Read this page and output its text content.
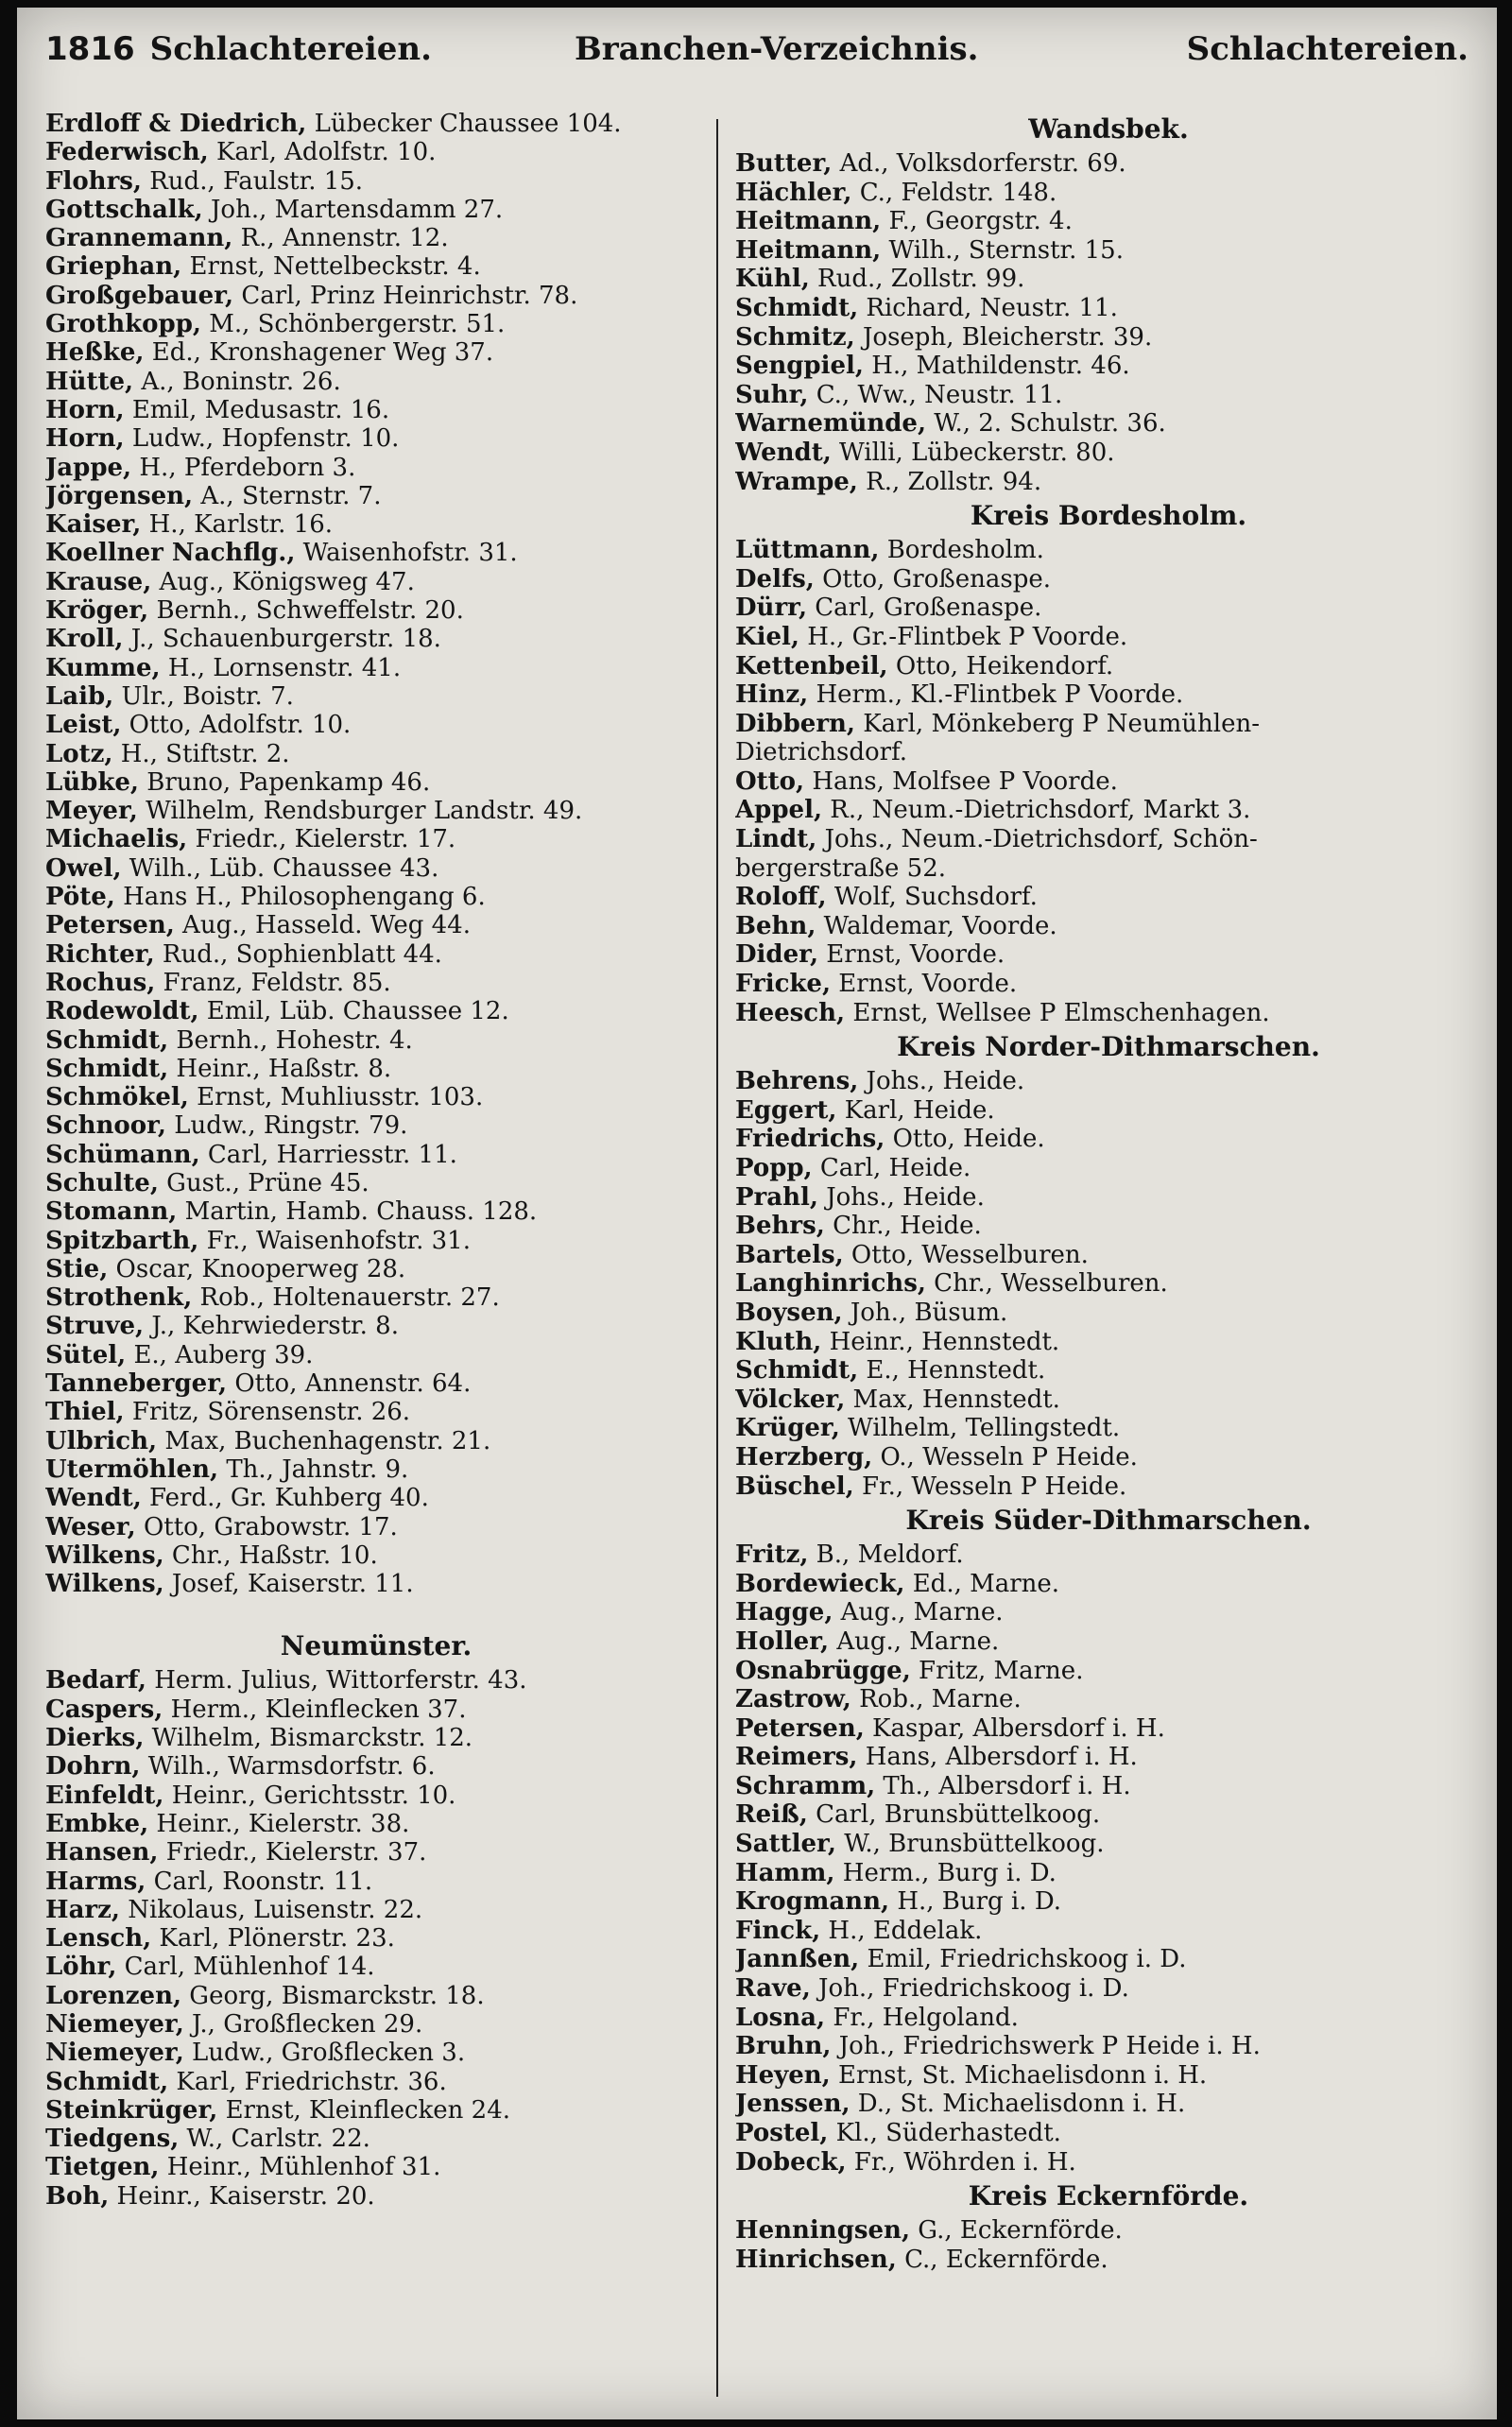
1816 Schlachtereien.	Branchen-Verzeichnis.	Schlachtereien.
Erdloff & Diedrich, Lübecker Chaussee 104.
Federwisch, Karl, Adolfstr. 10.
Flohrs, Rud., Faulstr. 15.
Gottschalk, Joh., Martensdamm 27.
Grannemann, R., Annenstr. 12.
Griephan, Ernst, Nettelbeckstr. 4.
Großgebauer, Carl, Prinz Heinrichstr. 78.
Grothkopp, M., Schönbergerstr. 51.
Heßke, Ed., Kronshagener Weg 37.
Hütte, A., Boninstr. 26.
Horn, Emil, Medusastr. 16.
Horn, Ludw., Hopfenstr. 10.
Jappe, H., Pferdeborn 3.
Jörgensen, A., Sternstr. 7.
Kaiser, H., Karlstr. 16.
Koellner Nachflg., Waisenhofstr. 31.
Krause, Aug., Königsweg 47.
Kröger, Bernh., Schweffelstr. 20.
Kroll, J., Schauenburgerstr. 18.
Kumme, H., Lornsenstr. 41.
Laib, Ulr., Boistr. 7.
Leist, Otto, Adolfstr. 10.
Lotz, H., Stiftstr. 2.
Lübke, Bruno, Papenkamp 46.
Meyer, Wilhelm, Rendsburger Landstr. 49.
Michaelis, Friedr., Kielerstr. 17.
Owel, Wilh., Lüb. Chaussee 43.
Pöte, Hans H., Philosophengang 6.
Petersen, Aug., Hasseld. Weg 44.
Richter, Rud., Sophienblatt 44.
Rochus, Franz, Feldstr. 85.
Rodewoldt, Emil, Lüb. Chaussee 12.
Schmidt, Bernh., Hohestr. 4.
Schmidt, Heinr., Haßstr. 8.
Schmökel, Ernst, Muhliusstr. 103.
Schnoor, Ludw., Ringstr. 79.
Schümann, Carl, Harriesstr. 11.
Schulte, Gust., Prüne 45.
Stomann, Martin, Hamb. Chauss. 128.
Spitzbarth, Fr., Waisenhofstr. 31.
Stie, Oscar, Knooperweg 28.
Strothenk, Rob., Holtenauerstr. 27.
Struve, J., Kehrwiederstr. 8.
Sütel, E., Auberg 39.
Tanneberger, Otto, Annenstr. 64.
Thiel, Fritz, Sörensenstr. 26.
Ulbrich, Max, Buchenhagenstr. 21.
Utermöhlen, Th., Jahnstr. 9.
Wendt, Ferd., Gr. Kuhberg 40.
Weser, Otto, Grabowstr. 17.
Wilkens, Chr., Haßstr. 10.
Wilkens, Josef, Kaiserstr. 11.
Neumünster.
Bedarf, Herm. Julius, Wittorferstr. 43.
Caspers, Herm., Kleinflecken 37.
Dierks, Wilhelm, Bismarckstr. 12.
Dohrn, Wilh., Warmsdorfstr. 6.
Einfeldt, Heinr., Gerichtsstr. 10.
Embke, Heinr., Kielerstr. 38.
Hansen, Friedr., Kielerstr. 37.
Harms, Carl, Roonstr. 11.
Harz, Nikolaus, Luisenstr. 22.
Lensch, Karl, Plönerstr. 23.
Löhr, Carl, Mühlenhof 14.
Lorenzen, Georg, Bismarckstr. 18.
Niemeyer, J., Großflecken 29.
Niemeyer, Ludw., Großflecken 3.
Schmidt, Karl, Friedrichstr. 36.
Steinkrüger, Ernst, Kleinflecken 24.
Tiedgens, W., Carlstr. 22.
Tietgen, Heinr., Mühlenhof 31.
Boh, Heinr., Kaiserstr. 20.
Wandsbek.
Butter, Ad., Volksdorferstr. 69.
Hächler, C., Feldstr. 148.
Heitmann, F., Georgstr. 4.
Heitmann, Wilh., Sternstr. 15.
Kühl, Rud., Zollstr. 99.
Schmidt, Richard, Neustr. 11.
Schmitz, Joseph, Bleicherstr. 39.
Sengpiel, H., Mathildenstr. 46.
Suhr, C., Ww., Neustr. 11.
Warnemünde, W., 2. Schulstr. 36.
Wendt, Willi, Lübeckerstr. 80.
Wrampe, R., Zollstr. 94.
Kreis Bordesholm.
Lüttmann, Bordesholm.
Delfs, Otto, Großenaspe.
Dürr, Carl, Großenaspe.
Kiel, H., Gr.-Flintbek P Voorde.
Kettenbeil, Otto, Heikendorf.
Hinz, Herm., Kl.-Flintbek P Voorde.
Dibbern, Karl, Mönkeberg P Neumühlen-
Dietrichsdorf.
Otto, Hans, Molfsee P Voorde.
Appel, R., Neum.-Dietrichsdorf, Markt 3.
Lindt, Johs., Neum.-Dietrichsdorf, Schön-
bergerstraße 52.
Roloff, Wolf, Suchsdorf.
Behn, Waldemar, Voorde.
Dider, Ernst, Voorde.
Fricke, Ernst, Voorde.
Heesch, Ernst, Wellsee P Elmschenhagen.
Kreis Norder-Dithmarschen.
Behrens, Johs., Heide.
Eggert, Karl, Heide.
Friedrichs, Otto, Heide.
Popp, Carl, Heide.
Prahl, Johs., Heide.
Behrs, Chr., Heide.
Bartels, Otto, Wesselburen.
Langhinrichs, Chr., Wesselburen.
Boysen, Joh., Büsum.
Kluth, Heinr., Hennstedt.
Schmidt, E., Hennstedt.
Völcker, Max, Hennstedt.
Krüger, Wilhelm, Tellingstedt.
Herzberg, O., Wesseln P Heide.
Büschel, Fr., Wesseln P Heide.
Kreis Süder-Dithmarschen.
Fritz, B., Meldorf.
Bordewieck, Ed., Marne.
Hagge, Aug., Marne.
Holler, Aug., Marne.
Osnabrügge, Fritz, Marne.
Zastrow, Rob., Marne.
Petersen, Kaspar, Albersdorf i. H.
Reimers, Hans, Albersdorf i. H.
Schramm, Th., Albersdorf i. H.
Reiß, Carl, Brunsbüttelkoog.
Sattler, W., Brunsbüttelkoog.
Hamm, Herm., Burg i. D.
Krogmann, H., Burg i. D.
Finck, H., Eddelak.
Jannßen, Emil, Friedrichskoog i. D.
Rave, Joh., Friedrichskoog i. D.
Losna, Fr., Helgoland.
Bruhn, Joh., Friedrichswerk P Heide i. H.
Heyen, Ernst, St. Michaelisdonn i. H.
Jenssen, D., St. Michaelisdonn i. H.
Postel, Kl., Süderhastedt.
Dobeck, Fr., Wöhrden i. H.
Kreis Eckernförde.
Henningsen, G., Eckernförde.
Hinrichsen, C., Eckernförde.
